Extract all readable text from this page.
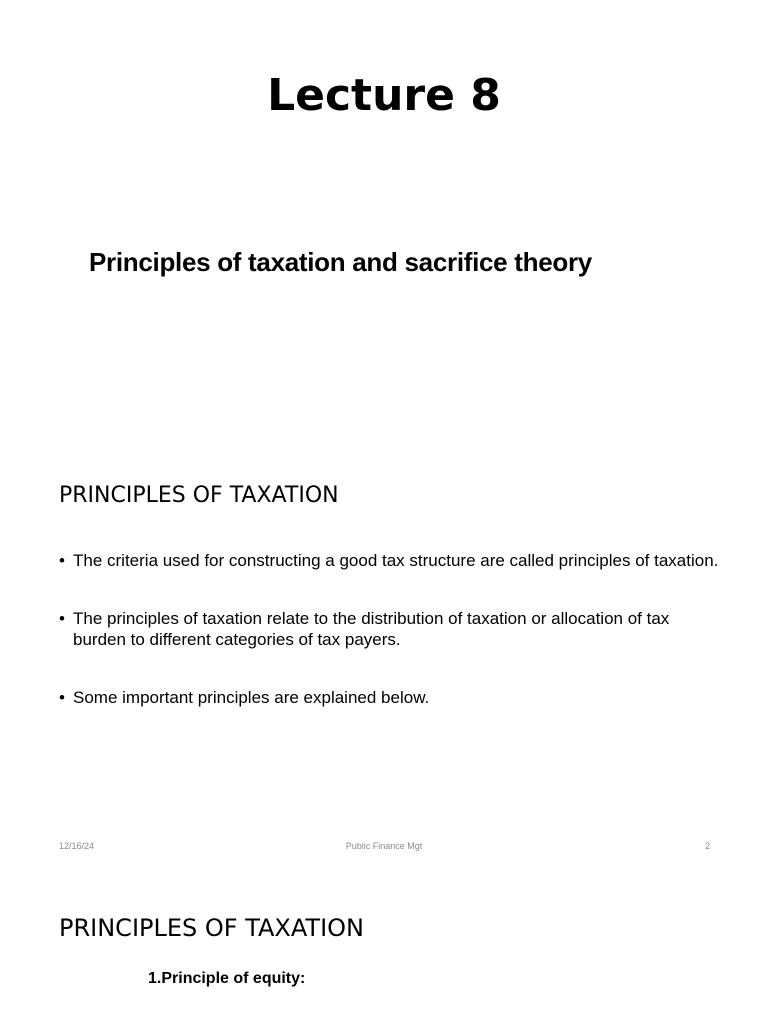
Lecture 8
Principles of taxation and sacrifice theory
PRINCIPLES OF TAXATION
• The criteria used for constructing a good tax structure are called principles of taxation.
• The principles of taxation relate to the distribution of taxation or allocation of tax burden to different categories of tax payers.
• Some important principles are explained below.
12/16/24	Public Finance Mgt	2
PRINCIPLES OF TAXATION
1.Principle of equity:
